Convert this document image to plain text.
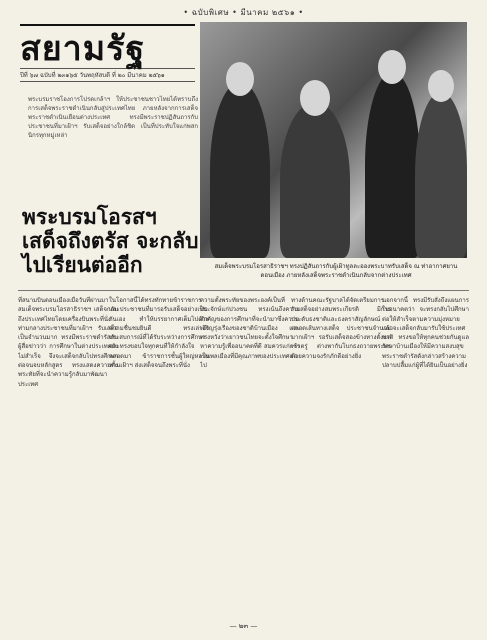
• ฉบับพิเศษ • มีนาคม ๒๕๖๑ •
สยามรัฐ
ปีที่ ๖๗ ฉบับที่ ๒๓๑๖๕ วันพฤหัสบดี ที่ ๒๐ มีนาคม ๒๕๖๑
พระบรมราชโองการโปรดเกล้าฯ ให้ประชาชนชาวไทยได้ทราบถึงการเสด็จพระราชดำเนินกลับสู่ประเทศไทย ภายหลังจากการเสด็จพระราชดำเนินเยือนต่างประเทศ ทรงมีพระราชปฏิสันถารกับประชาชนที่มาเฝ้าฯ รับเสด็จอย่างใกล้ชิด เป็นที่ประทับใจแก่พสกนิกรทุกหมู่เหล่า
พระบรมโอรสฯ เสด็จถึงตรัส จะกลับไปเรียนต่ออีก	สมเด็จพระบรมโอรสาธิราชฯ ทรงปฏิสันถารกับผู้เฝ้าทูลละอองพระบาทรับเสด็จ ณ ท่าอากาศยานดอนเมือง ภายหลังเสด็จพระราชดำเนินกลับจากต่างประเทศ
ที่สนามบินดอนเมืองเมื่อวันที่ผ่านมา สมเด็จพระบรมโอรสาธิราชฯ เสด็จกลับถึงประเทศไทยโดยเครื่องบินพระที่นั่ง ท่ามกลางประชาชนที่มาเฝ้าฯ รับเสด็จเป็นจำนวนมาก ทรงมีพระราชดำรัสกับผู้สื่อข่าวว่า การศึกษาในต่างประเทศยังไม่สำเร็จ จึงจะเสด็จกลับไปทรงศึกษาต่อจนจบหลักสูตร ทรงแสดงความตั้งพระทัยที่จะนำความรู้กลับมาพัฒนาประเทศ
ในโอกาสนี้ได้ทรงทักทายข้าราชการและประชาชนที่มารอรับเสด็จอย่างเป็นกันเอง ทำให้บรรยากาศเต็มไปด้วยความชื่นชมยินดี ทรงเล่าถึงประสบการณ์ที่ได้รับระหว่างการศึกษา และทรงขอบใจทุกคนที่ให้กำลังใจตลอดมา ข้าราชการชั้นผู้ใหญ่หลายท่านเฝ้าฯ ส่งเสด็จจนถึงพระที่นั่ง
ความตั้งพระทัยของพระองค์เป็นที่ประจักษ์แก่ปวงชน ทรงเน้นถึงความสำคัญของการศึกษาที่จะนำมาซึ่งความเจริญรุ่งเรืองของชาติบ้านเมือง และทรงหวังว่าเยาวชนไทยจะตั้งใจศึกษาหาความรู้เพื่ออนาคตที่ดี สมควรแก่การเป็นพลเมืองที่มีคุณภาพของประเทศต่อไป
ทางด้านคณะรัฐบาลได้จัดเตรียมการรับเสด็จอย่างสมพระเกียรติ มีการประดับธงชาติและธงตราสัญลักษณ์ตลอดเส้นทางเสด็จ ประชาชนจำนวนมากเฝ้าฯ รอรับเสด็จสองข้างทางตั้งแต่เช้าตรู่ ต่างพากันโบกธงถวายพระพรด้วยความจงรักภักดีอย่างยิ่ง
นอกจากนี้ ทรงมีรับสั่งถึงแผนการในอนาคตว่า จะทรงกลับไปศึกษาต่อให้สำเร็จตามความมุ่งหมาย แล้วจะเสด็จกลับมารับใช้ประเทศชาติ ทรงขอให้ทุกคนช่วยกันดูแลรักษาบ้านเมืองให้มีความสงบสุข พระราชดำรัสดังกล่าวสร้างความปลาบปลื้มแก่ผู้ที่ได้ยินเป็นอย่างยิ่ง
— ๒๓ —
